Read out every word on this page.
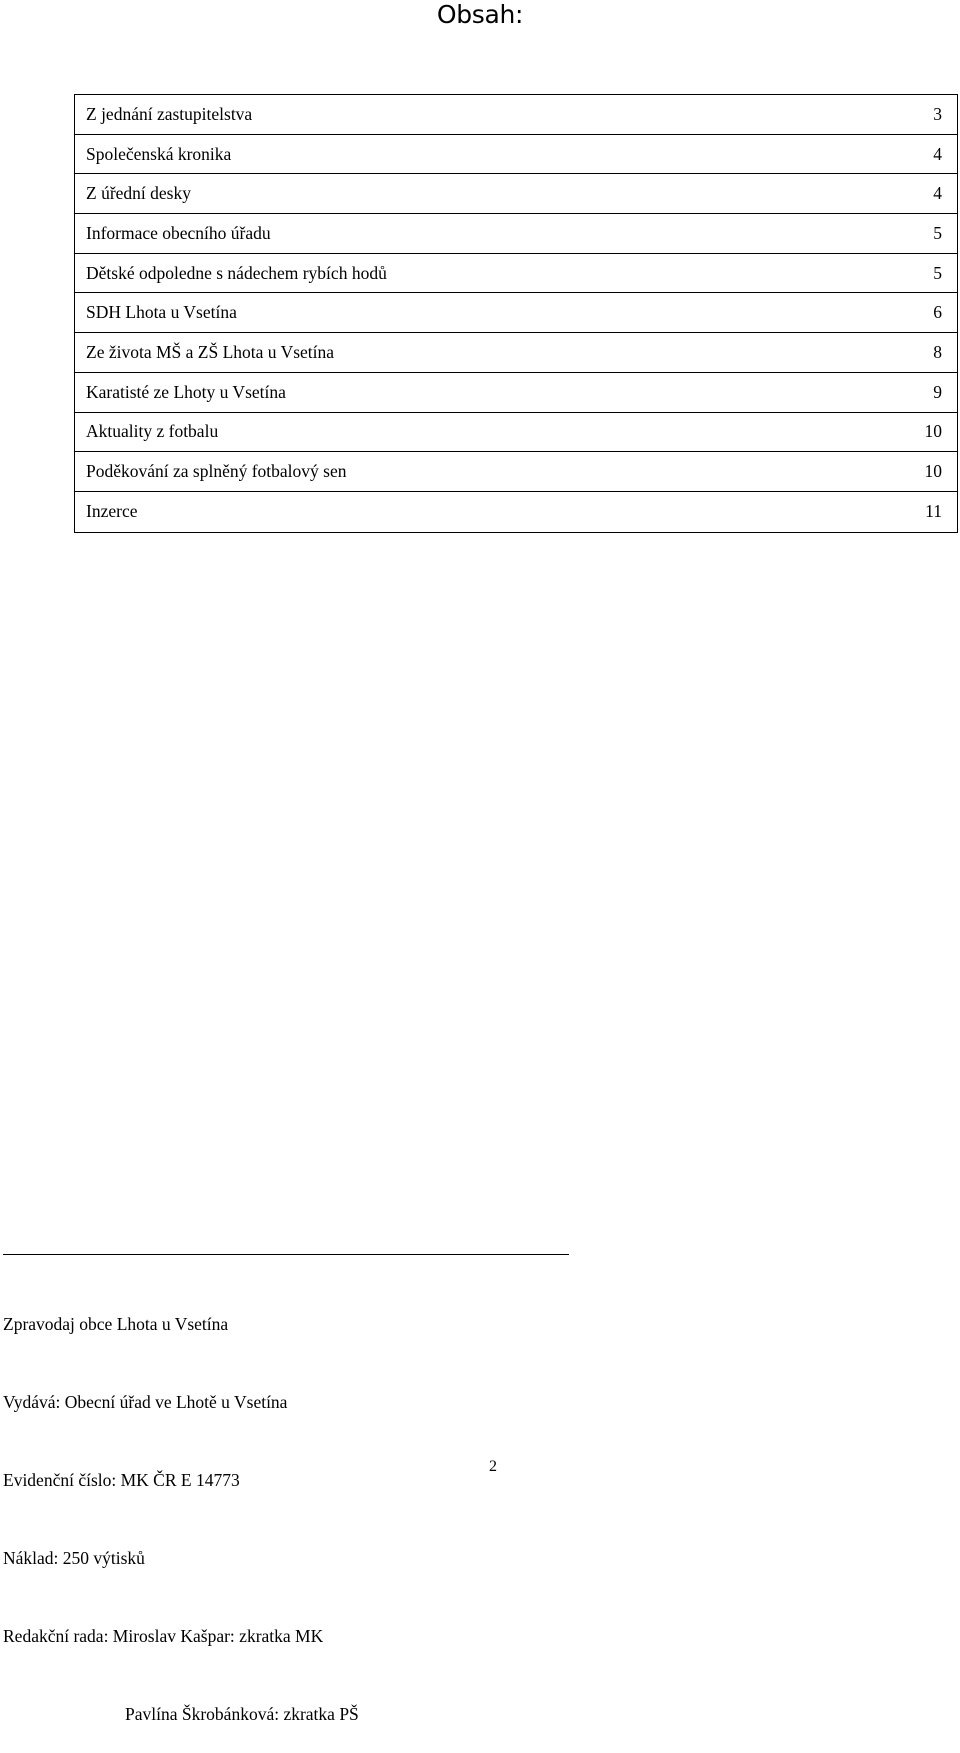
Obsah:
Z jednání zastupitelstva	3
Společenská kronika	4
Z úřední desky	4
Informace obecního úřadu	5
Dětské odpoledne s nádechem rybích hodů	5
SDH Lhota u Vsetína	6
Ze života MŠ a ZŠ Lhota u Vsetína	8
Karatisté ze Lhoty u Vsetína	9
Aktuality z fotbalu	10
Poděkování za splněný fotbalový sen	10
Inzerce	11

Zpravodaj obce Lhota u Vsetína

Vydává: Obecní úřad ve Lhotě u Vsetína

Evidenční číslo: MK ČR E 14773

Náklad: 250 výtisků

Redakční rada: Miroslav Kašpar: zkratka MK

Pavlína Škrobánková: zkratka PŠ

2
